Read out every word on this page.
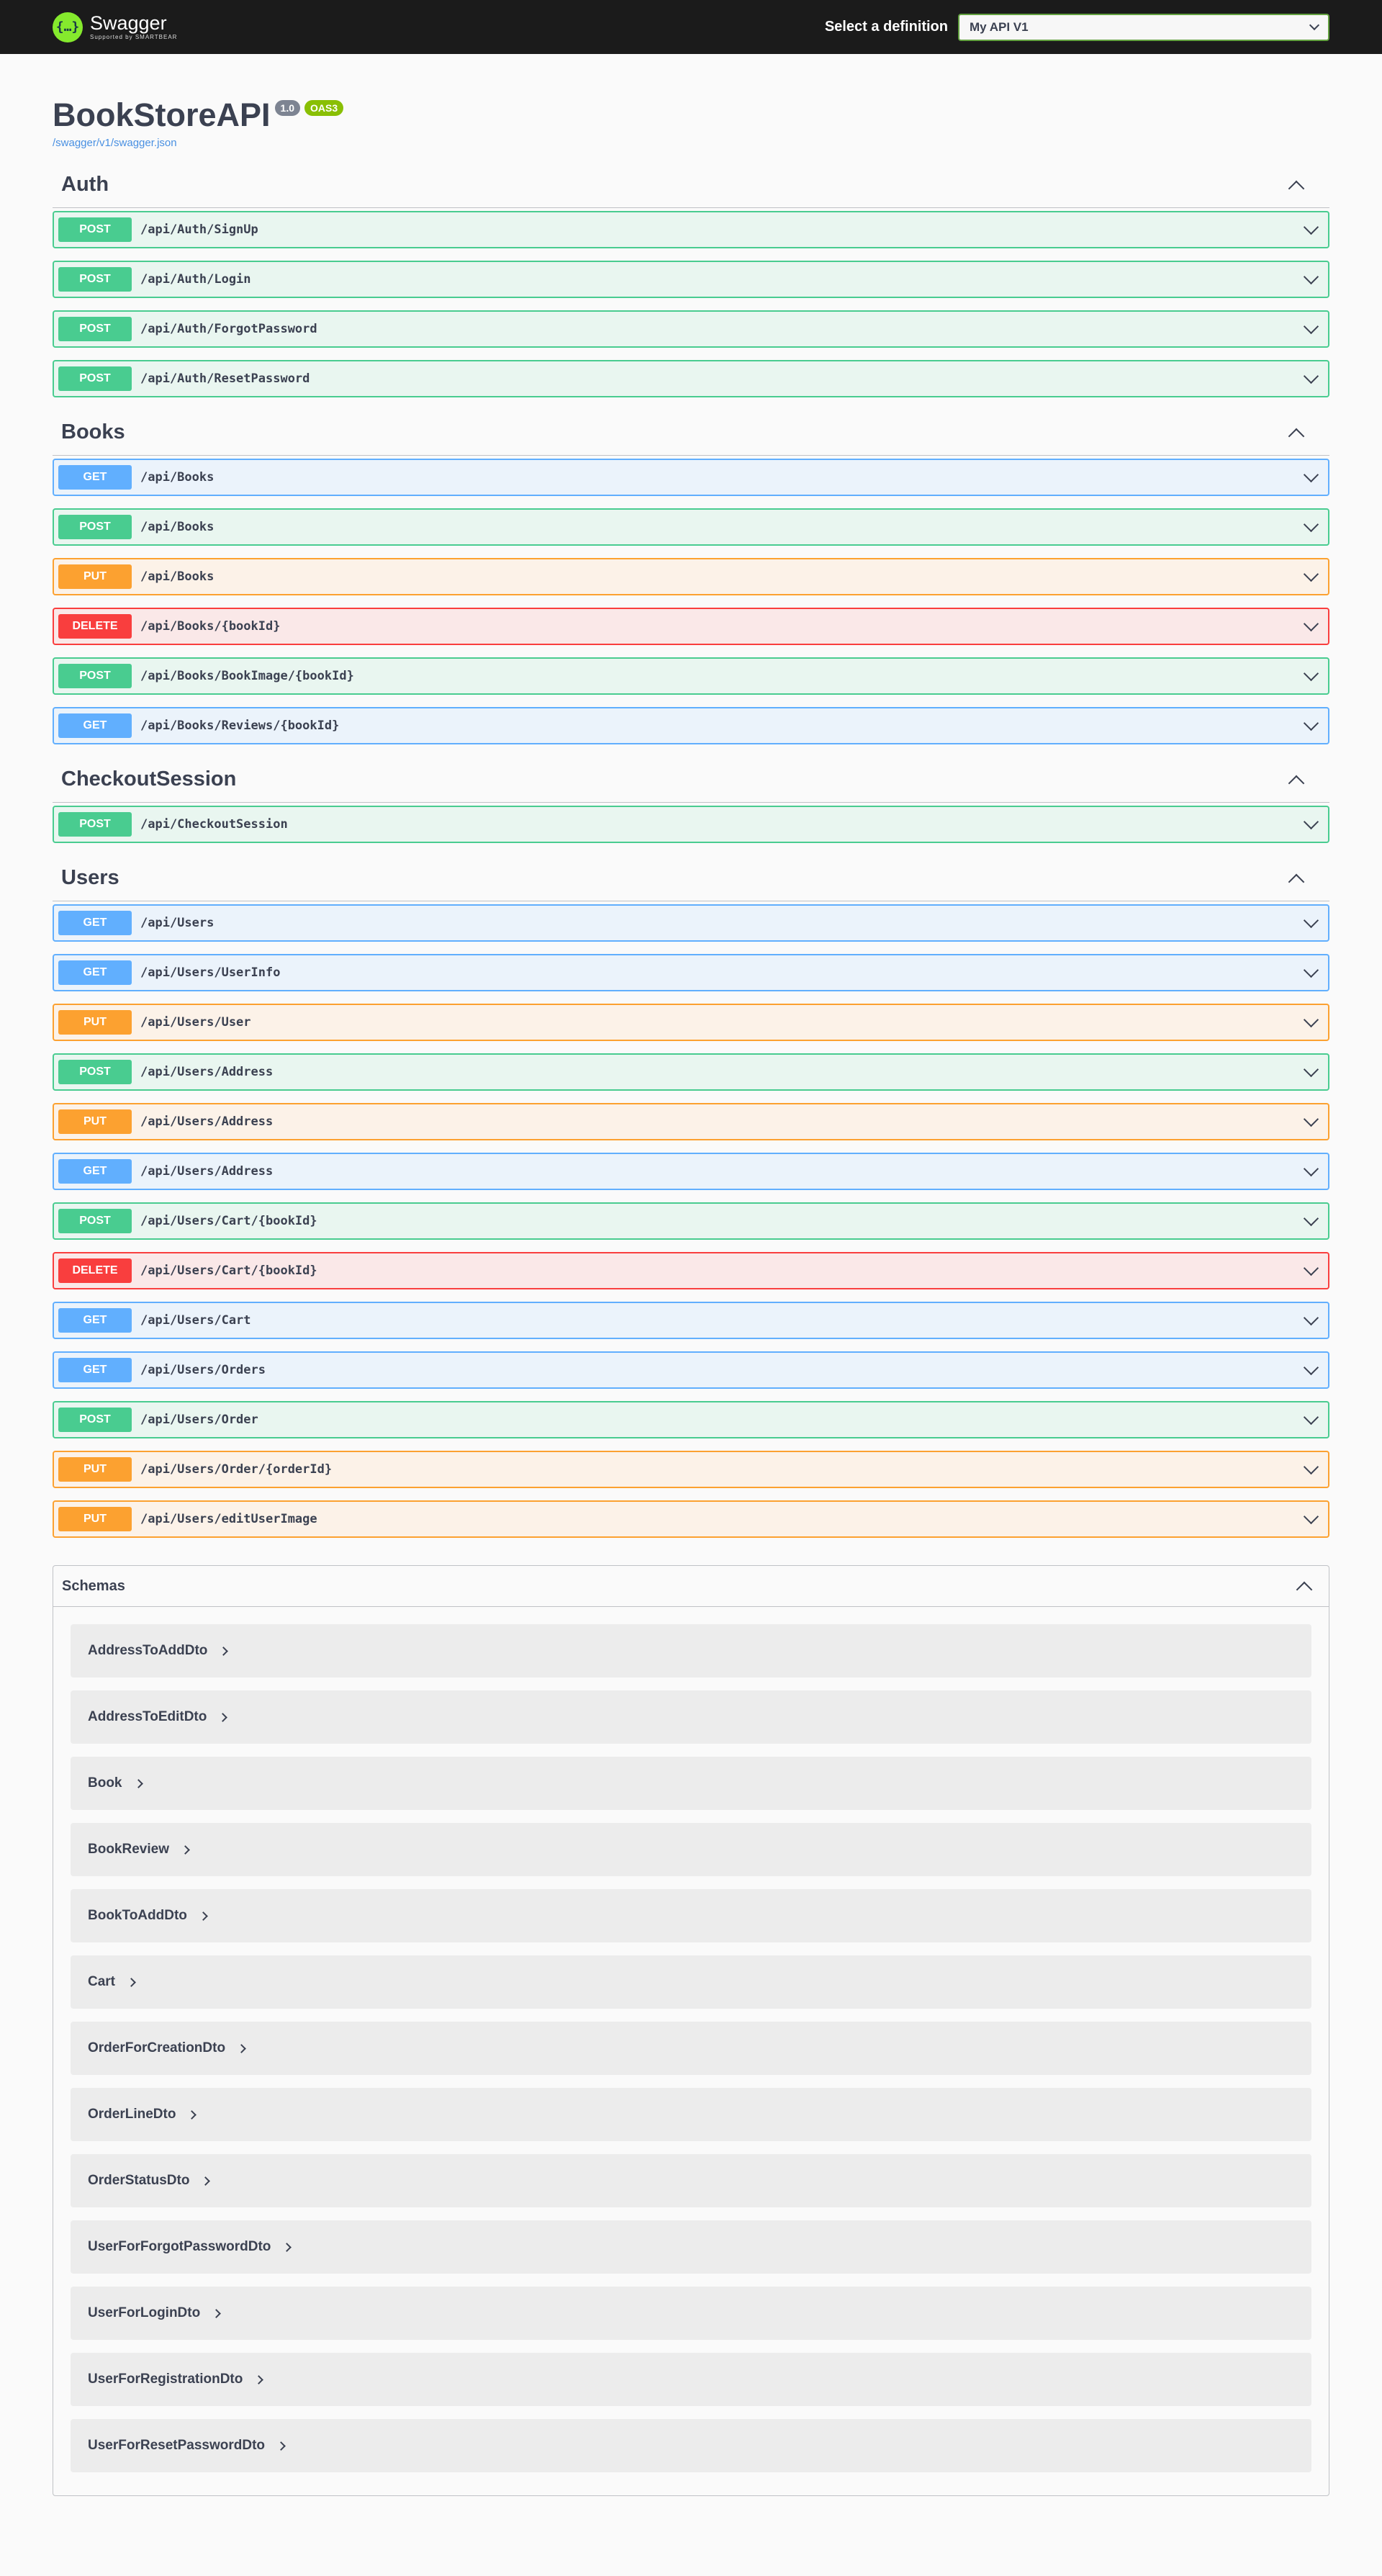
{…} Swagger
Supported by SMARTBEAR
Select a definition My API V1
BookStoreAPI	1.0	OAS3
/swagger/v1/swagger.json
Auth
POST	/api/Auth/SignUp
POST	/api/Auth/Login
POST	/api/Auth/ForgotPassword
POST	/api/Auth/ResetPassword
Books
GET	/api/Books
POST	/api/Books
PUT	/api/Books
DELETE	/api/Books/{bookId}
POST	/api/Books/BookImage/{bookId}
GET	/api/Books/Reviews/{bookId}
CheckoutSession
POST	/api/CheckoutSession
Users
GET	/api/Users
GET	/api/Users/UserInfo
PUT	/api/Users/User
POST	/api/Users/Address
PUT	/api/Users/Address
GET	/api/Users/Address
POST	/api/Users/Cart/{bookId}
DELETE	/api/Users/Cart/{bookId}
GET	/api/Users/Cart
GET	/api/Users/Orders
POST	/api/Users/Order
PUT	/api/Users/Order/{orderId}
PUT	/api/Users/editUserImage
Schemas
AddressToAddDto
AddressToEditDto
Book
BookReview
BookToAddDto
Cart
OrderForCreationDto
OrderLineDto
OrderStatusDto
UserForForgotPasswordDto
UserForLoginDto
UserForRegistrationDto
UserForResetPasswordDto
